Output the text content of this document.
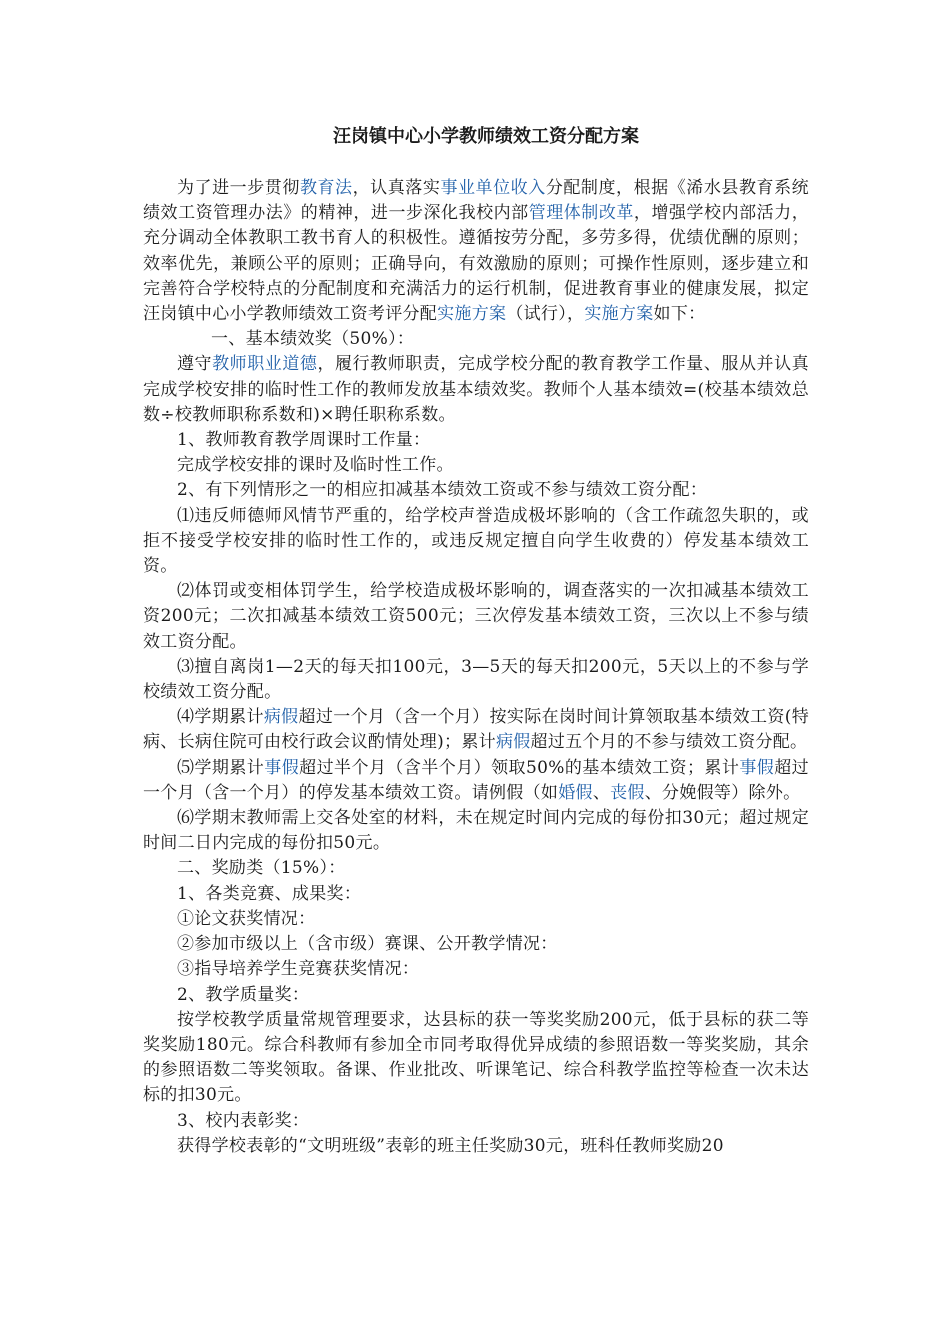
汪岗镇中心小学教师绩效工资分配方案

为了进一步贯彻教育法，认真落实事业单位收入分配制度，根据《浠水县教育系统绩效工资管理办法》的精神，进一步深化我校内部管理体制改革，增强学校内部活力，充分调动全体教职工教书育人的积极性。遵循按劳分配，多劳多得，优绩优酬的原则；效率优先，兼顾公平的原则；正确导向，有效激励的原则；可操作性原则，逐步建立和完善符合学校特点的分配制度和充满活力的运行机制，促进教育事业的健康发展，拟定汪岗镇中心小学教师绩效工资考评分配实施方案（试行），实施方案如下：

一、基本绩效奖（50%）：

遵守教师职业道德，履行教师职责，完成学校分配的教育教学工作量、服从并认真完成学校安排的临时性工作的教师发放基本绩效奖。教师个人基本绩效=(校基本绩效总数÷校教师职称系数和)×聘任职称系数。

1、教师教育教学周课时工作量：

完成学校安排的课时及临时性工作。

2、有下列情形之一的相应扣减基本绩效工资或不参与绩效工资分配：

⑴违反师德师风情节严重的，给学校声誉造成极坏影响的（含工作疏忽失职的，或拒不接受学校安排的临时性工作的，或违反规定擅自向学生收费的）停发基本绩效工资。

⑵体罚或变相体罚学生，给学校造成极坏影响的，调查落实的一次扣减基本绩效工资200元；二次扣减基本绩效工资500元；三次停发基本绩效工资，三次以上不参与绩效工资分配。

⑶擅自离岗1—2天的每天扣100元，3—5天的每天扣200元，5天以上的不参与学校绩效工资分配。

⑷学期累计病假超过一个月（含一个月）按实际在岗时间计算领取基本绩效工资(特病、长病住院可由校行政会议酌情处理)；累计病假超过五个月的不参与绩效工资分配。

⑸学期累计事假超过半个月（含半个月）领取50%的基本绩效工资；累计事假超过一个月（含一个月）的停发基本绩效工资。请例假（如婚假、丧假、分娩假等）除外。

⑹学期末教师需上交各处室的材料，未在规定时间内完成的每份扣30元；超过规定时间二日内完成的每份扣50元。

二、奖励类（15%）：

1、各类竞赛、成果奖：

①论文获奖情况：

②参加市级以上（含市级）赛课、公开教学情况：

③指导培养学生竞赛获奖情况：

2、教学质量奖：

按学校教学质量常规管理要求，达县标的获一等奖奖励200元，低于县标的获二等奖奖励180元。综合科教师有参加全市同考取得优异成绩的参照语数一等奖奖励，其余的参照语数二等奖领取。备课、作业批改、听课笔记、综合科教学监控等检查一次未达标的扣30元。

3、校内表彰奖：

获得学校表彰的“文明班级”表彰的班主任奖励30元，班科任教师奖励20
